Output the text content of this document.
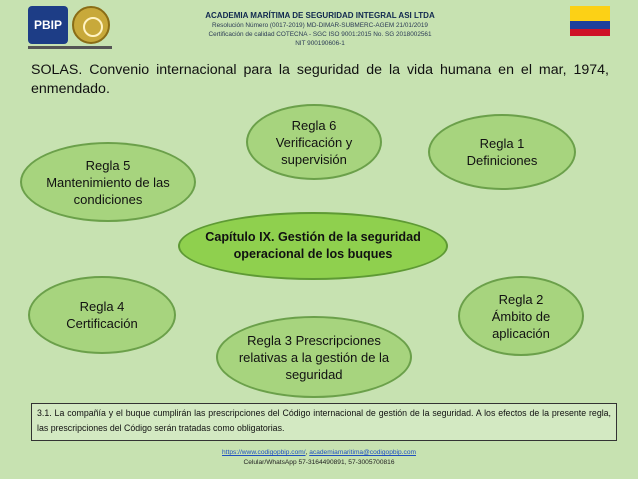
PBIP
ACADEMIA MARÍTIMA DE SEGURIDAD INTEGRAL ASI LTDA
Resolución Número (0017-2019) MD-DIMAR-SUBMERC-AGEM 21/01/2019
Certificación de calidad COTECNA - SGC ISO 9001:2015 No. SG 2018002561
NIT 900190606-1
SOLAS. Convenio internacional para la seguridad de la vida humana en el mar, 1974, enmendado.
Regla 6 Verificación y supervisión
Regla 1 Definiciones
Regla 5 Mantenimiento de las condiciones
Capítulo IX. Gestión de la seguridad operacional de los buques
Regla 4 Certificación
Regla 2 Ámbito de aplicación
Regla 3 Prescripciones relativas a la gestión de la seguridad
3.1. La compañía y el buque cumplirán las prescripciones del Código internacional de gestión de la seguridad. A los efectos de la presente regla, las prescripciones del Código serán tratadas como obligatorias.
https://www.codigopbip.com/, academiamaritima@codigopbip.com
Celular/WhatsApp 57-3164490891, 57-3005700816
